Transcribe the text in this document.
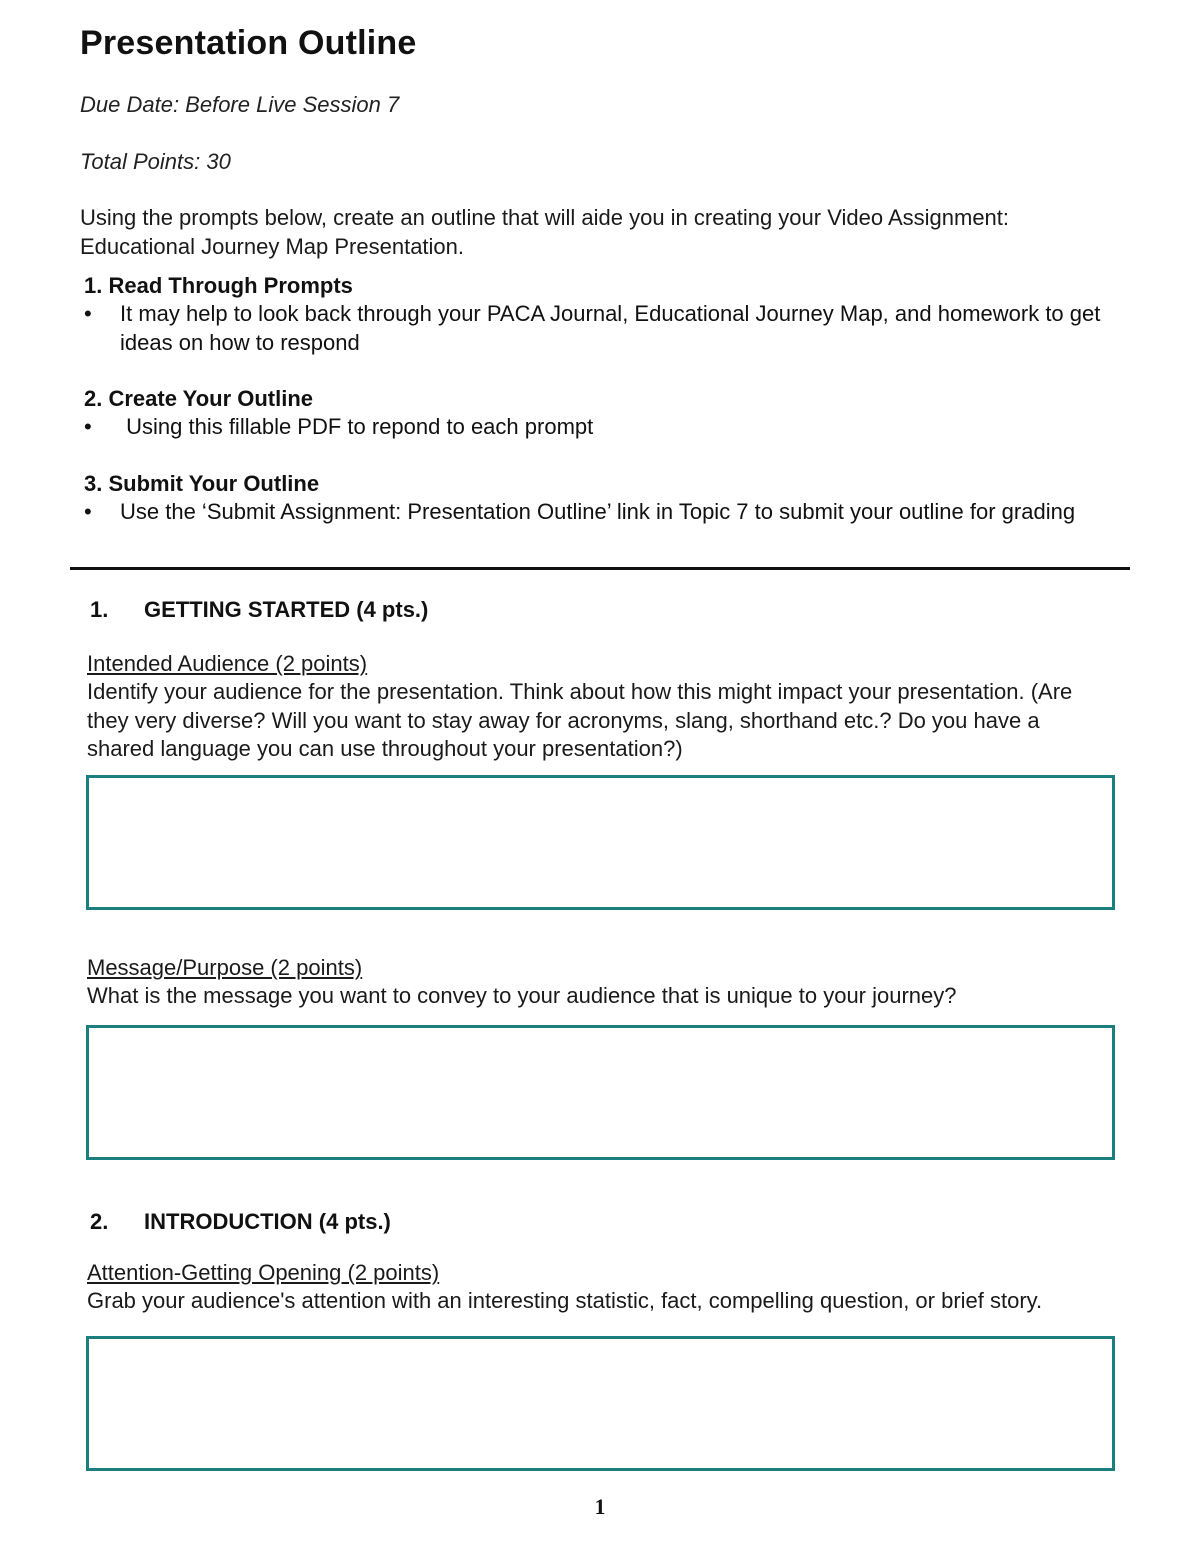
Presentation Outline
Due Date: Before Live Session 7
Total Points: 30
Using the prompts below, create an outline that will aide you in creating your Video Assignment: Educational Journey Map Presentation.
1. Read Through Prompts
•	It may help to look back through your PACA Journal, Educational Journey Map, and homework to get ideas on how to respond
2. Create Your Outline
•	Using this fillable PDF to repond to each prompt
3. Submit Your Outline
•	Use the ‘Submit Assignment: Presentation Outline’ link in Topic 7 to submit your outline for grading
1.	GETTING STARTED (4 pts.)
Intended Audience (2 points)
Identify your audience for the presentation. Think about how this might impact your presentation. (Are they very diverse? Will you want to stay away for acronyms, slang, shorthand etc.? Do you have a shared language you can use throughout your presentation?)
Message/Purpose (2 points)
What is the message you want to convey to your audience that is unique to your journey?
2.	INTRODUCTION (4 pts.)
Attention-Getting Opening (2 points)
Grab your audience's attention with an interesting statistic, fact, compelling question, or brief story.
1
